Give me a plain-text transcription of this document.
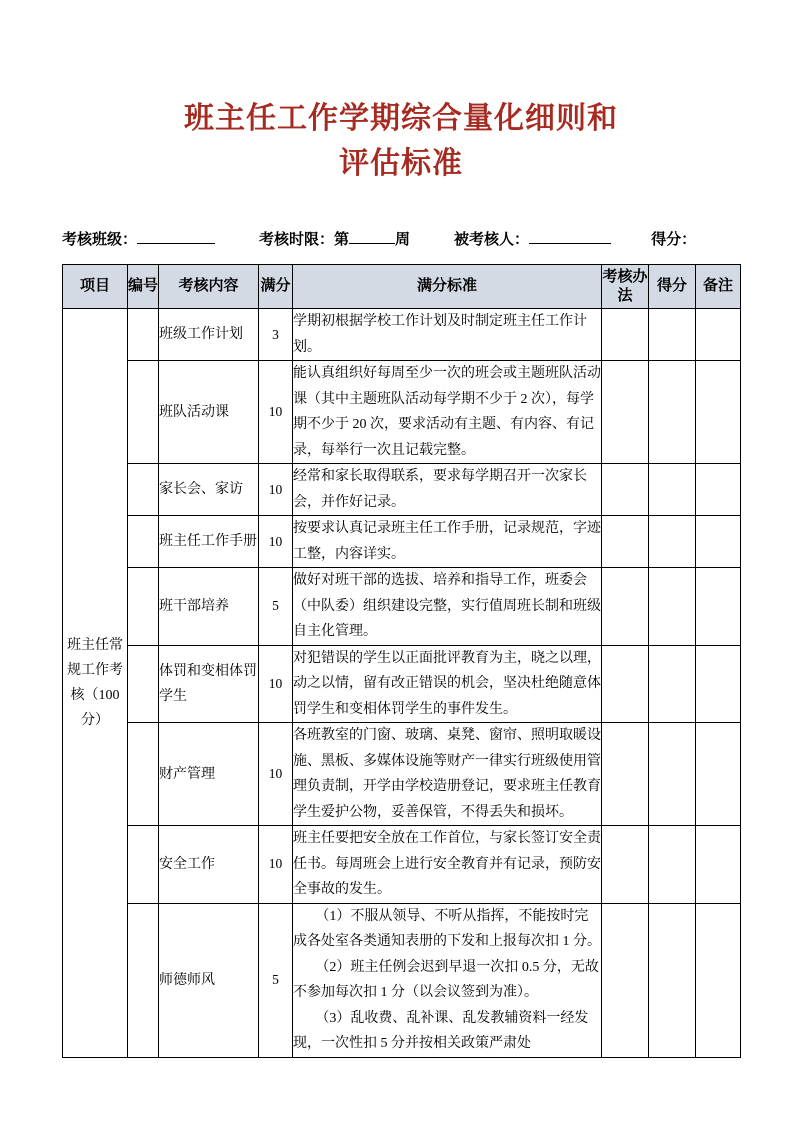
班主任工作学期综合量化细则和
评估标准
考核班级：	考核时限：第	周	被考核人：	得分：
项目	编号	考核内容	满分	满分标准	考核办法	得分	备注
班主任常规工作考核（100分）		班级工作计划	3	学期初根据学校工作计划及时制定班主任工作计划。			

		班队活动课	10	能认真组织好每周至少一次的班会或主题班队活动课（其中主题班队活动每学期不少于 2 次），每学期不少于 20 次，要求活动有主题、有内容、有记录，每举行一次且记载完整。			

		家长会、家访	10	经常和家长取得联系，要求每学期召开一次家长会，并作好记录。			

		班主任工作手册	10	按要求认真记录班主任工作手册，记录规范，字迹工整，内容详实。			

		班干部培养	5	做好对班干部的选拔、培养和指导工作，班委会（中队委）组织建设完整，实行值周班长制和班级自主化管理。			

		体罚和变相体罚学生	10	对犯错误的学生以正面批评教育为主，晓之以理，动之以情，留有改正错误的机会，坚决杜绝随意体罚学生和变相体罚学生的事件发生。			

		财产管理	10	各班教室的门窗、玻璃、桌凳、窗帘、照明取暖设施、黑板、多媒体设施等财产一律实行班级使用管理负责制，开学由学校造册登记，要求班主任教育学生爱护公物，妥善保管，不得丢失和损坏。			

		安全工作	10	班主任要把安全放在工作首位，与家长签订安全责任书。每周班会上进行安全教育并有记录，预防安全事故的发生。			

		师德师风	5	（1）不服从领导、不听从指挥，不能按时完成各处室各类通知表册的下发和上报每次扣 1 分。

（2）班主任例会迟到早退一次扣 0.5 分，无故不参加每次扣 1 分（以会议签到为准）。

（3）乱收费、乱补课、乱发教辅资料一经发现，一次性扣 5 分并按相关政策严肃处			
